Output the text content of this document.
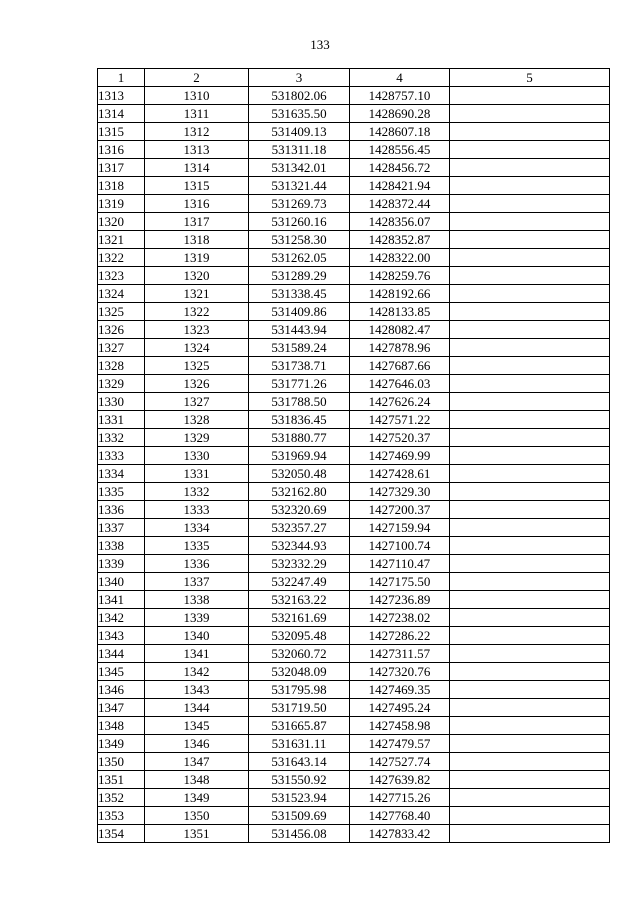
133
1	2	3	4	5
1313	1310	531802.06	1428757.10	
1314	1311	531635.50	1428690.28	
1315	1312	531409.13	1428607.18	
1316	1313	531311.18	1428556.45	
1317	1314	531342.01	1428456.72	
1318	1315	531321.44	1428421.94	
1319	1316	531269.73	1428372.44	
1320	1317	531260.16	1428356.07	
1321	1318	531258.30	1428352.87	
1322	1319	531262.05	1428322.00	
1323	1320	531289.29	1428259.76	
1324	1321	531338.45	1428192.66	
1325	1322	531409.86	1428133.85	
1326	1323	531443.94	1428082.47	
1327	1324	531589.24	1427878.96	
1328	1325	531738.71	1427687.66	
1329	1326	531771.26	1427646.03	
1330	1327	531788.50	1427626.24	
1331	1328	531836.45	1427571.22	
1332	1329	531880.77	1427520.37	
1333	1330	531969.94	1427469.99	
1334	1331	532050.48	1427428.61	
1335	1332	532162.80	1427329.30	
1336	1333	532320.69	1427200.37	
1337	1334	532357.27	1427159.94	
1338	1335	532344.93	1427100.74	
1339	1336	532332.29	1427110.47	
1340	1337	532247.49	1427175.50	
1341	1338	532163.22	1427236.89	
1342	1339	532161.69	1427238.02	
1343	1340	532095.48	1427286.22	
1344	1341	532060.72	1427311.57	
1345	1342	532048.09	1427320.76	
1346	1343	531795.98	1427469.35	
1347	1344	531719.50	1427495.24	
1348	1345	531665.87	1427458.98	
1349	1346	531631.11	1427479.57	
1350	1347	531643.14	1427527.74	
1351	1348	531550.92	1427639.82	
1352	1349	531523.94	1427715.26	
1353	1350	531509.69	1427768.40	
1354	1351	531456.08	1427833.42	
